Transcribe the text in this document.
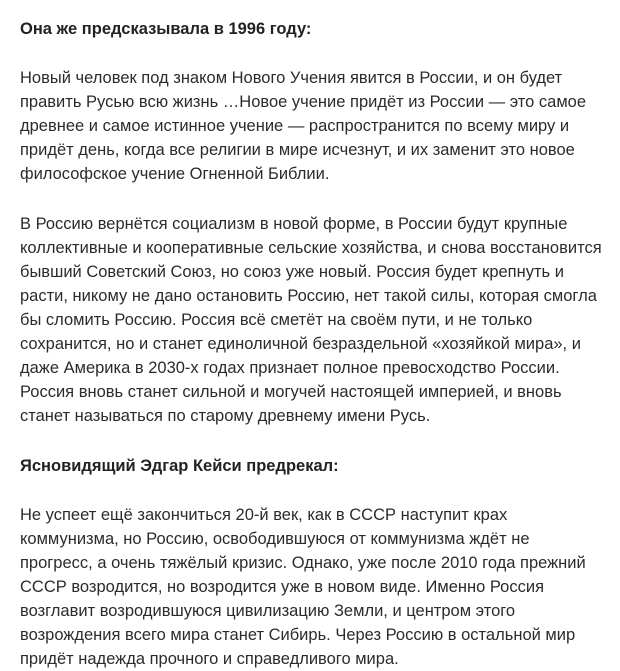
Она же предсказывала в 1996 году:

Новый человек под знаком Нового Учения явится в России, и он будет править Русью всю жизнь …Новое учение придёт из России — это самое древнее и самое истинное учение — распространится по всему миру и придёт день, когда все религии в мире исчезнут, и их заменит это новое философское учение Огненной Библии.

В Россию вернётся социализм в новой форме, в России будут крупные коллективные и кооперативные сельские хозяйства, и снова восстановится бывший Советский Союз, но союз уже новый. Россия будет крепнуть и расти, никому не дано остановить Россию, нет такой силы, которая смогла бы сломить Россию. Россия всё сметёт на своём пути, и не только сохранится, но и станет единоличной безраздельной «хозяйкой мира», и даже Америка в 2030-х годах признает полное превосходство России. Россия вновь станет сильной и могучей настоящей империей, и вновь станет называться по старому древнему имени Русь.

Ясновидящий Эдгар Кейси предрекал:

Не успеет ещё закончиться 20-й век, как в СССР наступит крах коммунизма, но Россию, освободившуюся от коммунизма ждёт не прогресс, а очень тяжёлый кризис. Однако, уже после 2010 года прежний СССР возродится, но возродится уже в новом виде. Именно Россия возглавит возродившуюся цивилизацию Земли, и центром этого возрождения всего мира станет Сибирь. Через Россию в остальной мир придёт надежда прочного и справедливого мира.
